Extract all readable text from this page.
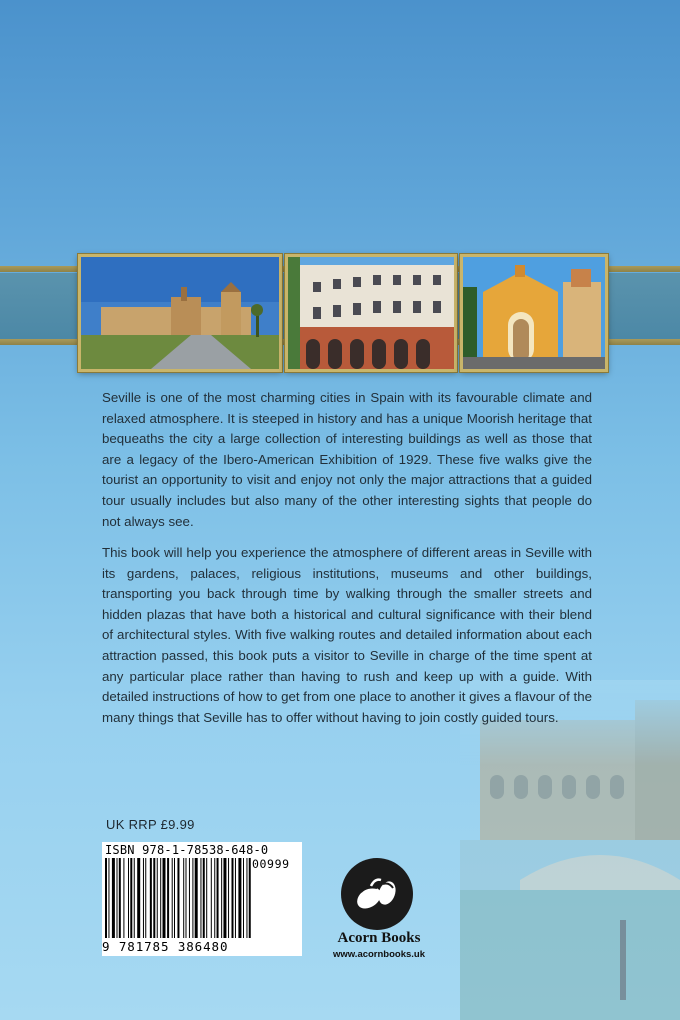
Seville is one of the most charming cities in Spain with its favourable climate and relaxed atmosphere. It is steeped in history and has a unique Moorish heritage that bequeaths the city a large collection of interesting buildings as well as those that are a legacy of the Ibero-American Exhibition of 1929. These five walks give the tourist an opportunity to visit and enjoy not only the major attractions that a guided tour usually includes but also many of the other interesting sights that people do not always see.

This book will help you experience the atmosphere of different areas in Seville with its gardens, palaces, religious institutions, museums and other buildings, transporting you back through time by walking through the smaller streets and hidden plazas that have both a historical and cultural significance with their blend of architectural styles. With five walking routes and detailed information about each attraction passed, this book puts a visitor to Seville in charge of the time spent at any particular place rather than having to rush and keep up with a guide. With detailed instructions of how to get from one place to another it gives a flavour of the many things that Seville has to offer without having to join costly guided tours.

UK RRP £9.99
ISBN 978-1-78538-648-0
00999
9 781785 386480
Acorn Books
www.acornbooks.uk
